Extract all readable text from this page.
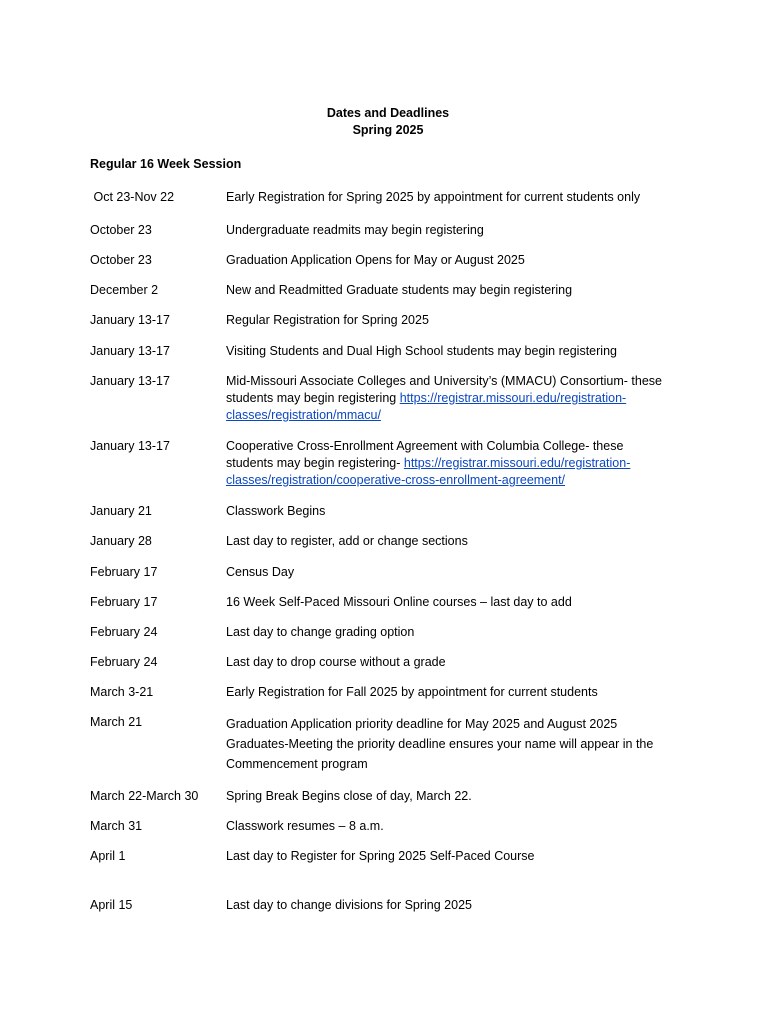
Dates and Deadlines
Spring 2025
Regular 16 Week Session
Oct 23-Nov 22	Early Registration for Spring 2025 by appointment for current students only
October 23	Undergraduate readmits may begin registering
October 23	Graduation Application Opens for May or August 2025
December 2	New and Readmitted Graduate students may begin registering
January 13-17	Regular Registration for Spring 2025
January 13-17	Visiting Students and Dual High School students may begin registering
January 13-17	Mid-Missouri Associate Colleges and University’s (MMACU) Consortium- these
students may begin registering https://registrar.missouri.edu/registration-
classes/registration/mmacu/
January 13-17	Cooperative Cross-Enrollment Agreement with Columbia College- these
students may begin registering- https://registrar.missouri.edu/registration-
classes/registration/cooperative-cross-enrollment-agreement/
January 21	Classwork Begins
January 28	Last day to register, add or change sections
February 17	Census Day
February 17	16 Week Self-Paced Missouri Online courses – last day to add
February 24	Last day to change grading option
February 24	Last day to drop course without a grade
March 3-21	Early Registration for Fall 2025 by appointment for current students
March 21	Graduation Application priority deadline for May 2025 and August 2025
Graduates-Meeting the priority deadline ensures your name will appear in the
Commencement program
March 22-March 30 Spring Break Begins close of day, March 22.
March 31	Classwork resumes – 8 a.m.
April 1	Last day to Register for Spring 2025 Self-Paced Course
April 15	Last day to change divisions for Spring 2025
